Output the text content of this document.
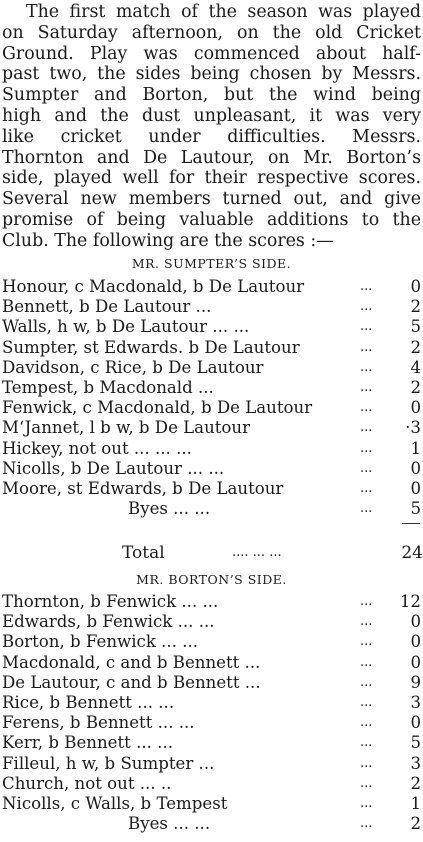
The first match of the season was played
on Saturday afternoon, on the old Cricket
Ground. Play was commenced about half-
past two, the sides being chosen by Messrs.
Sumpter and Borton, but the wind being
high and the dust unpleasant, it was very
like cricket under difficulties. Messrs.
Thornton and De Lautour, on Mr. Borton’s
side, played well for their respective scores.
Several new members turned out, and give
promise of being valuable additions to the
Club. The following are the scores :—
MR. SUMPTER’S SIDE.
Honour, c Macdonald, b De Lautour	...	0
Bennett, b De Lautour ...	...	2
Walls, h w, b De Lautour ... ...	...	5
Sumpter, st Edwards. b De Lautour	...	2
Davidson, c Rice, b De Lautour	...	4
Tempest, b Macdonald ...	...	2
Fenwick, c Macdonald, b De Lautour	...	0
M‘Jannet, l b w, b De Lautour	...	·3
Hickey, not out ... ... ...	...	1
Nicolls, b De Lautour ... ...	...	0
Moore, st Edwards, b De Lautour	...	0
Byes ... ...	...	5
Total	.... ... ...	24
MR. BORTON’S SIDE.
Thornton, b Fenwick ... ...	...	12
Edwards, b Fenwick ... ...	...	0
Borton, b Fenwick ... ...	...	0
Macdonald, c and b Bennett ...	...	0
De Lautour, c and b Bennett ...	...	9
Rice, b Bennett ... ...	...	3
Ferens, b Bennett ... ...	...	0
Kerr, b Bennett ... ...	...	5
Filleul, h w, b Sumpter ...	...	3
Church, not out ... ..	...	2
Nicolls, c Walls, b Tempest	...	1
Byes ... ...	...	2
